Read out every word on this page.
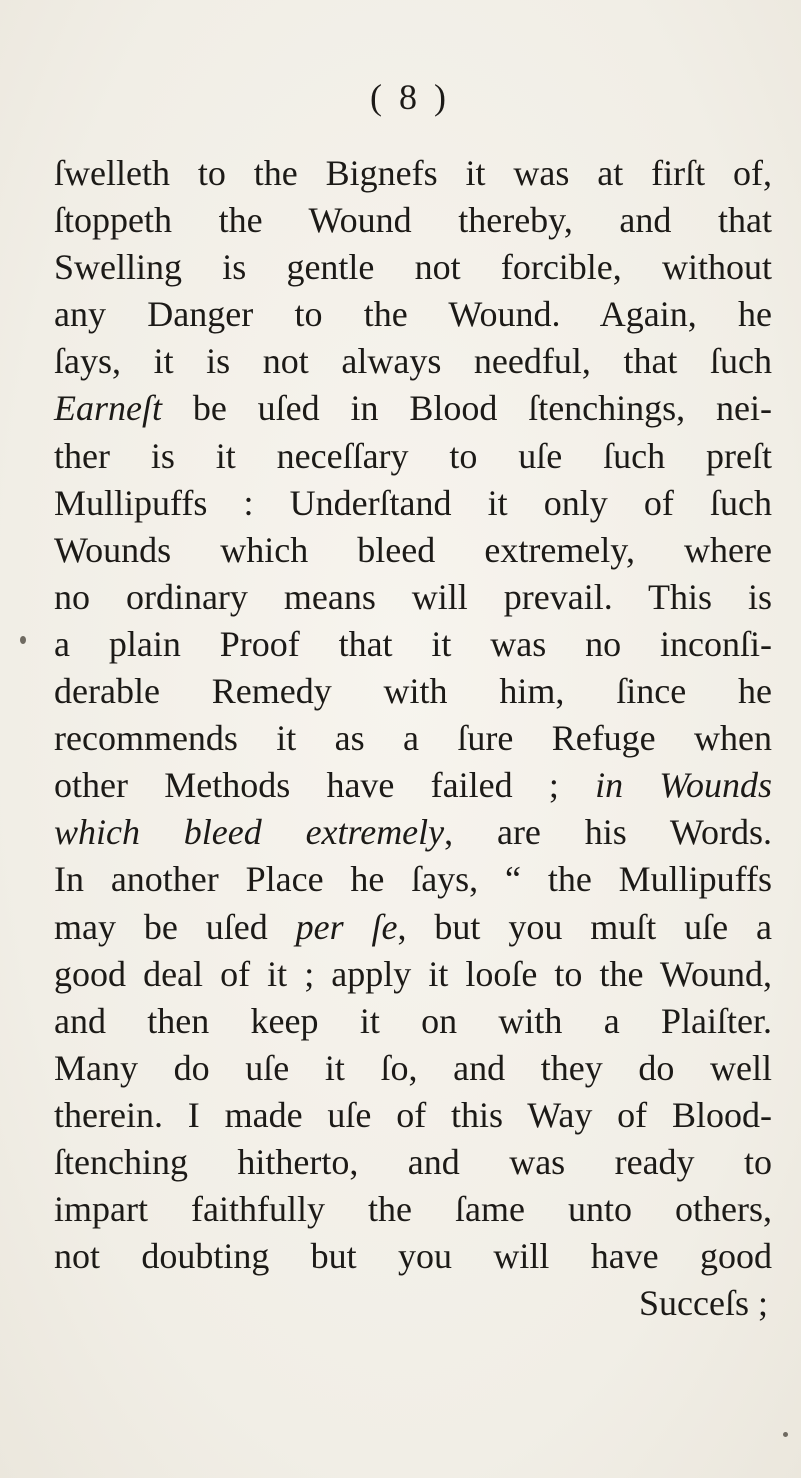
( 8 )
ſwelleth to the Bignefs it was at firſt of,
ſtoppeth the Wound thereby, and that
Swelling is gentle not forcible, without
any Danger to the Wound. Again, he
ſays, it is not always needful, that ſuch
Earneſt be uſed in Blood ſtenchings, nei-
ther is it neceſſary to uſe ſuch preſt
Mullipuffs : Underſtand it only of ſuch
Wounds which bleed extremely, where
no ordinary means will prevail. This is
a plain Proof that it was no inconſi-
derable Remedy with him, ſince he
recommends it as a ſure Refuge when
other Methods have failed ; in Wounds
which bleed extremely, are his Words.
In another Place he ſays, “ the Mullipuffs
may be uſed per ſe, but you muſt uſe a
good deal of it ; apply it looſe to the Wound,
and then keep it on with a Plaiſter.
Many do uſe it ſo, and they do well
therein. I made uſe of this Way of Blood-
ſtenching hitherto, and was ready to
impart faithfully the ſame unto others,
not doubting but you will have good
Succeſs ;
